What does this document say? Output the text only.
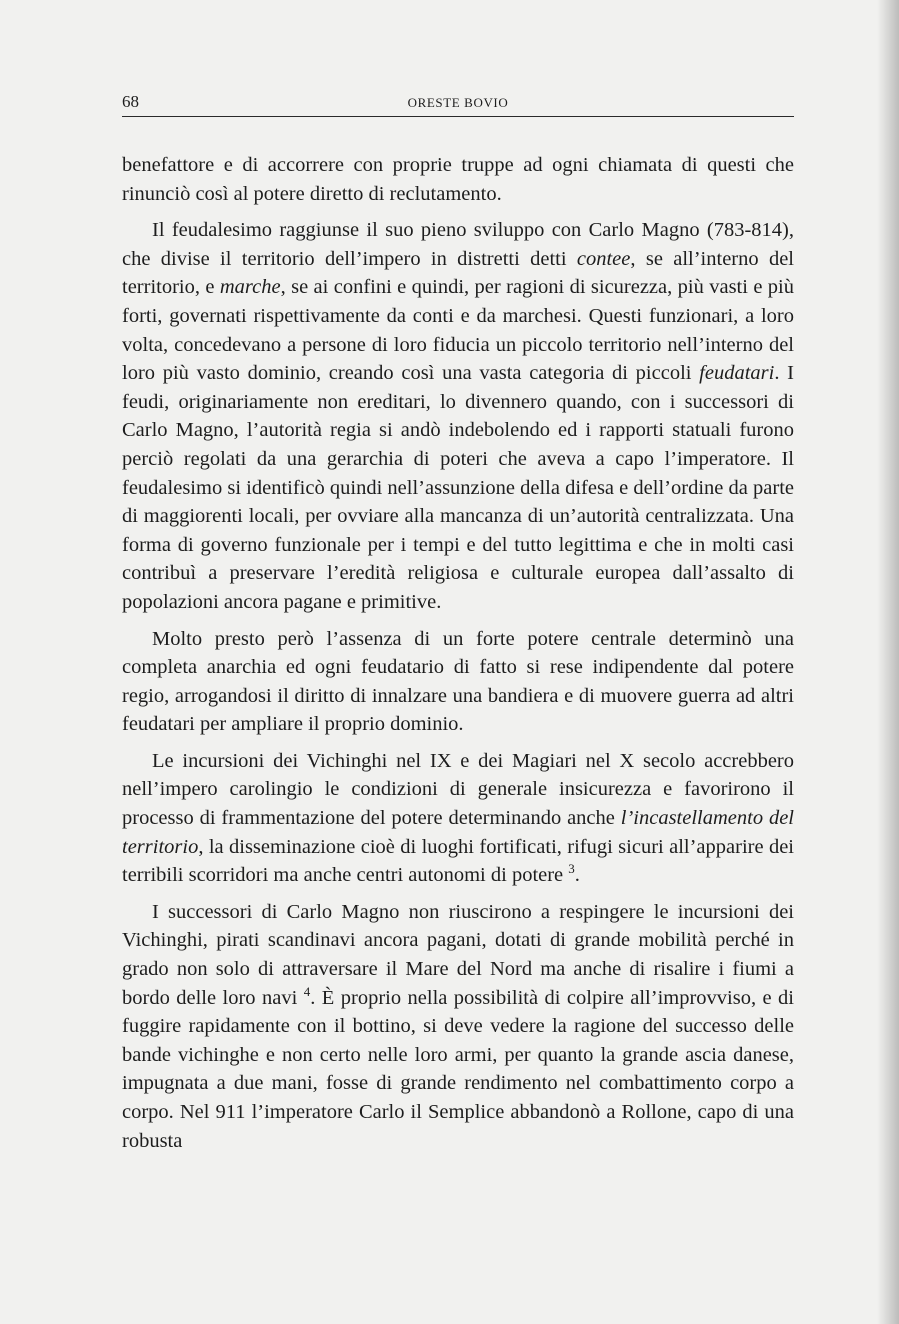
68	ORESTE BOVIO

benefattore e di accorrere con proprie truppe ad ogni chiamata di questi che rinunciò così al potere diretto di reclutamento.

Il feudalesimo raggiunse il suo pieno sviluppo con Carlo Magno (783-814), che divise il territorio dell’impero in distretti detti contee, se all’interno del territorio, e marche, se ai confini e quindi, per ragioni di sicurezza, più vasti e più forti, governati rispettivamente da conti e da marchesi. Questi funzionari, a loro volta, concedevano a persone di loro fiducia un piccolo territorio nell’interno del loro più vasto dominio, creando così una vasta categoria di piccoli feudatari. I feudi, originariamente non ereditari, lo divennero quando, con i successori di Carlo Magno, l’autorità regia si andò indebolendo ed i rapporti statuali furono perciò regolati da una gerarchia di poteri che aveva a capo l’imperatore. Il feudalesimo si identificò quindi nell’assunzione della difesa e dell’ordine da parte di maggiorenti locali, per ovviare alla mancanza di un’autorità centralizzata. Una forma di governo funzionale per i tempi e del tutto legittima e che in molti casi contribuì a preservare l’eredità religiosa e culturale europea dall’assalto di popolazioni ancora pagane e primitive.

Molto presto però l’assenza di un forte potere centrale determinò una completa anarchia ed ogni feudatario di fatto si rese indipendente dal potere regio, arrogandosi il diritto di innalzare una bandiera e di muovere guerra ad altri feudatari per ampliare il proprio dominio.

Le incursioni dei Vichinghi nel IX e dei Magiari nel X secolo accrebbero nell’impero carolingio le condizioni di generale insicurezza e favorirono il processo di frammentazione del potere determinando anche l’incastellamento del territorio, la disseminazione cioè di luoghi fortificati, rifugi sicuri all’apparire dei terribili scorridori ma anche centri autonomi di potere $^3$.

I successori di Carlo Magno non riuscirono a respingere le incursioni dei Vichinghi, pirati scandinavi ancora pagani, dotati di grande mobilità perché in grado non solo di attraversare il Mare del Nord ma anche di risalire i fiumi a bordo delle loro navi $^4$. È proprio nella possibilità di colpire all’improvviso, e di fuggire rapidamente con il bottino, si deve vedere la ragione del successo delle bande vichinghe e non certo nelle loro armi, per quanto la grande ascia danese, impugnata a due mani, fosse di grande rendimento nel combattimento corpo a corpo. Nel 911 l’imperatore Carlo il Semplice abbandonò a Rollone, capo di una robusta
